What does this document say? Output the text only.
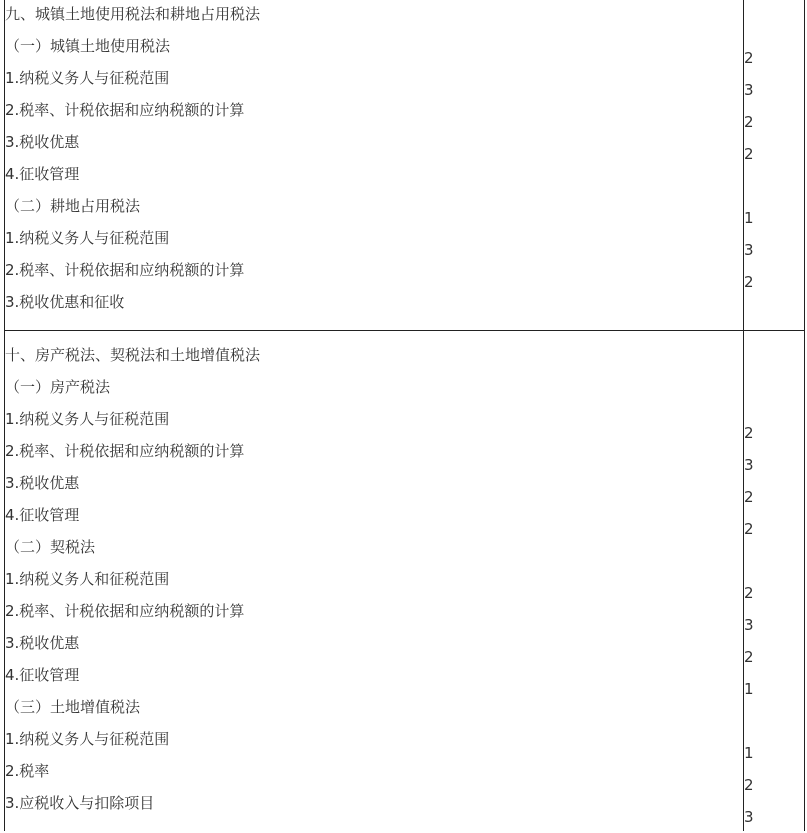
九、城镇土地使用税法和耕地占用税法
（一）城镇土地使用税法
1.纳税义务人与征税范围
2.税率、计税依据和应纳税额的计算
3.税收优惠
4.征收管理
（二）耕地占用税法
1.纳税义务人与征税范围
2.税率、计税依据和应纳税额的计算
3.税收优惠和征收
2
3
2
2
1
3
2
十、房产税法、契税法和土地增值税法
（一）房产税法
1.纳税义务人与征税范围
2.税率、计税依据和应纳税额的计算
3.税收优惠
4.征收管理
（二）契税法
1.纳税义务人和征税范围
2.税率、计税依据和应纳税额的计算
3.税收优惠
4.征收管理
（三）土地增值税法
1.纳税义务人与征税范围
2.税率
3.应税收入与扣除项目
2
3
2
2
2
3
2
1
1
2
3
